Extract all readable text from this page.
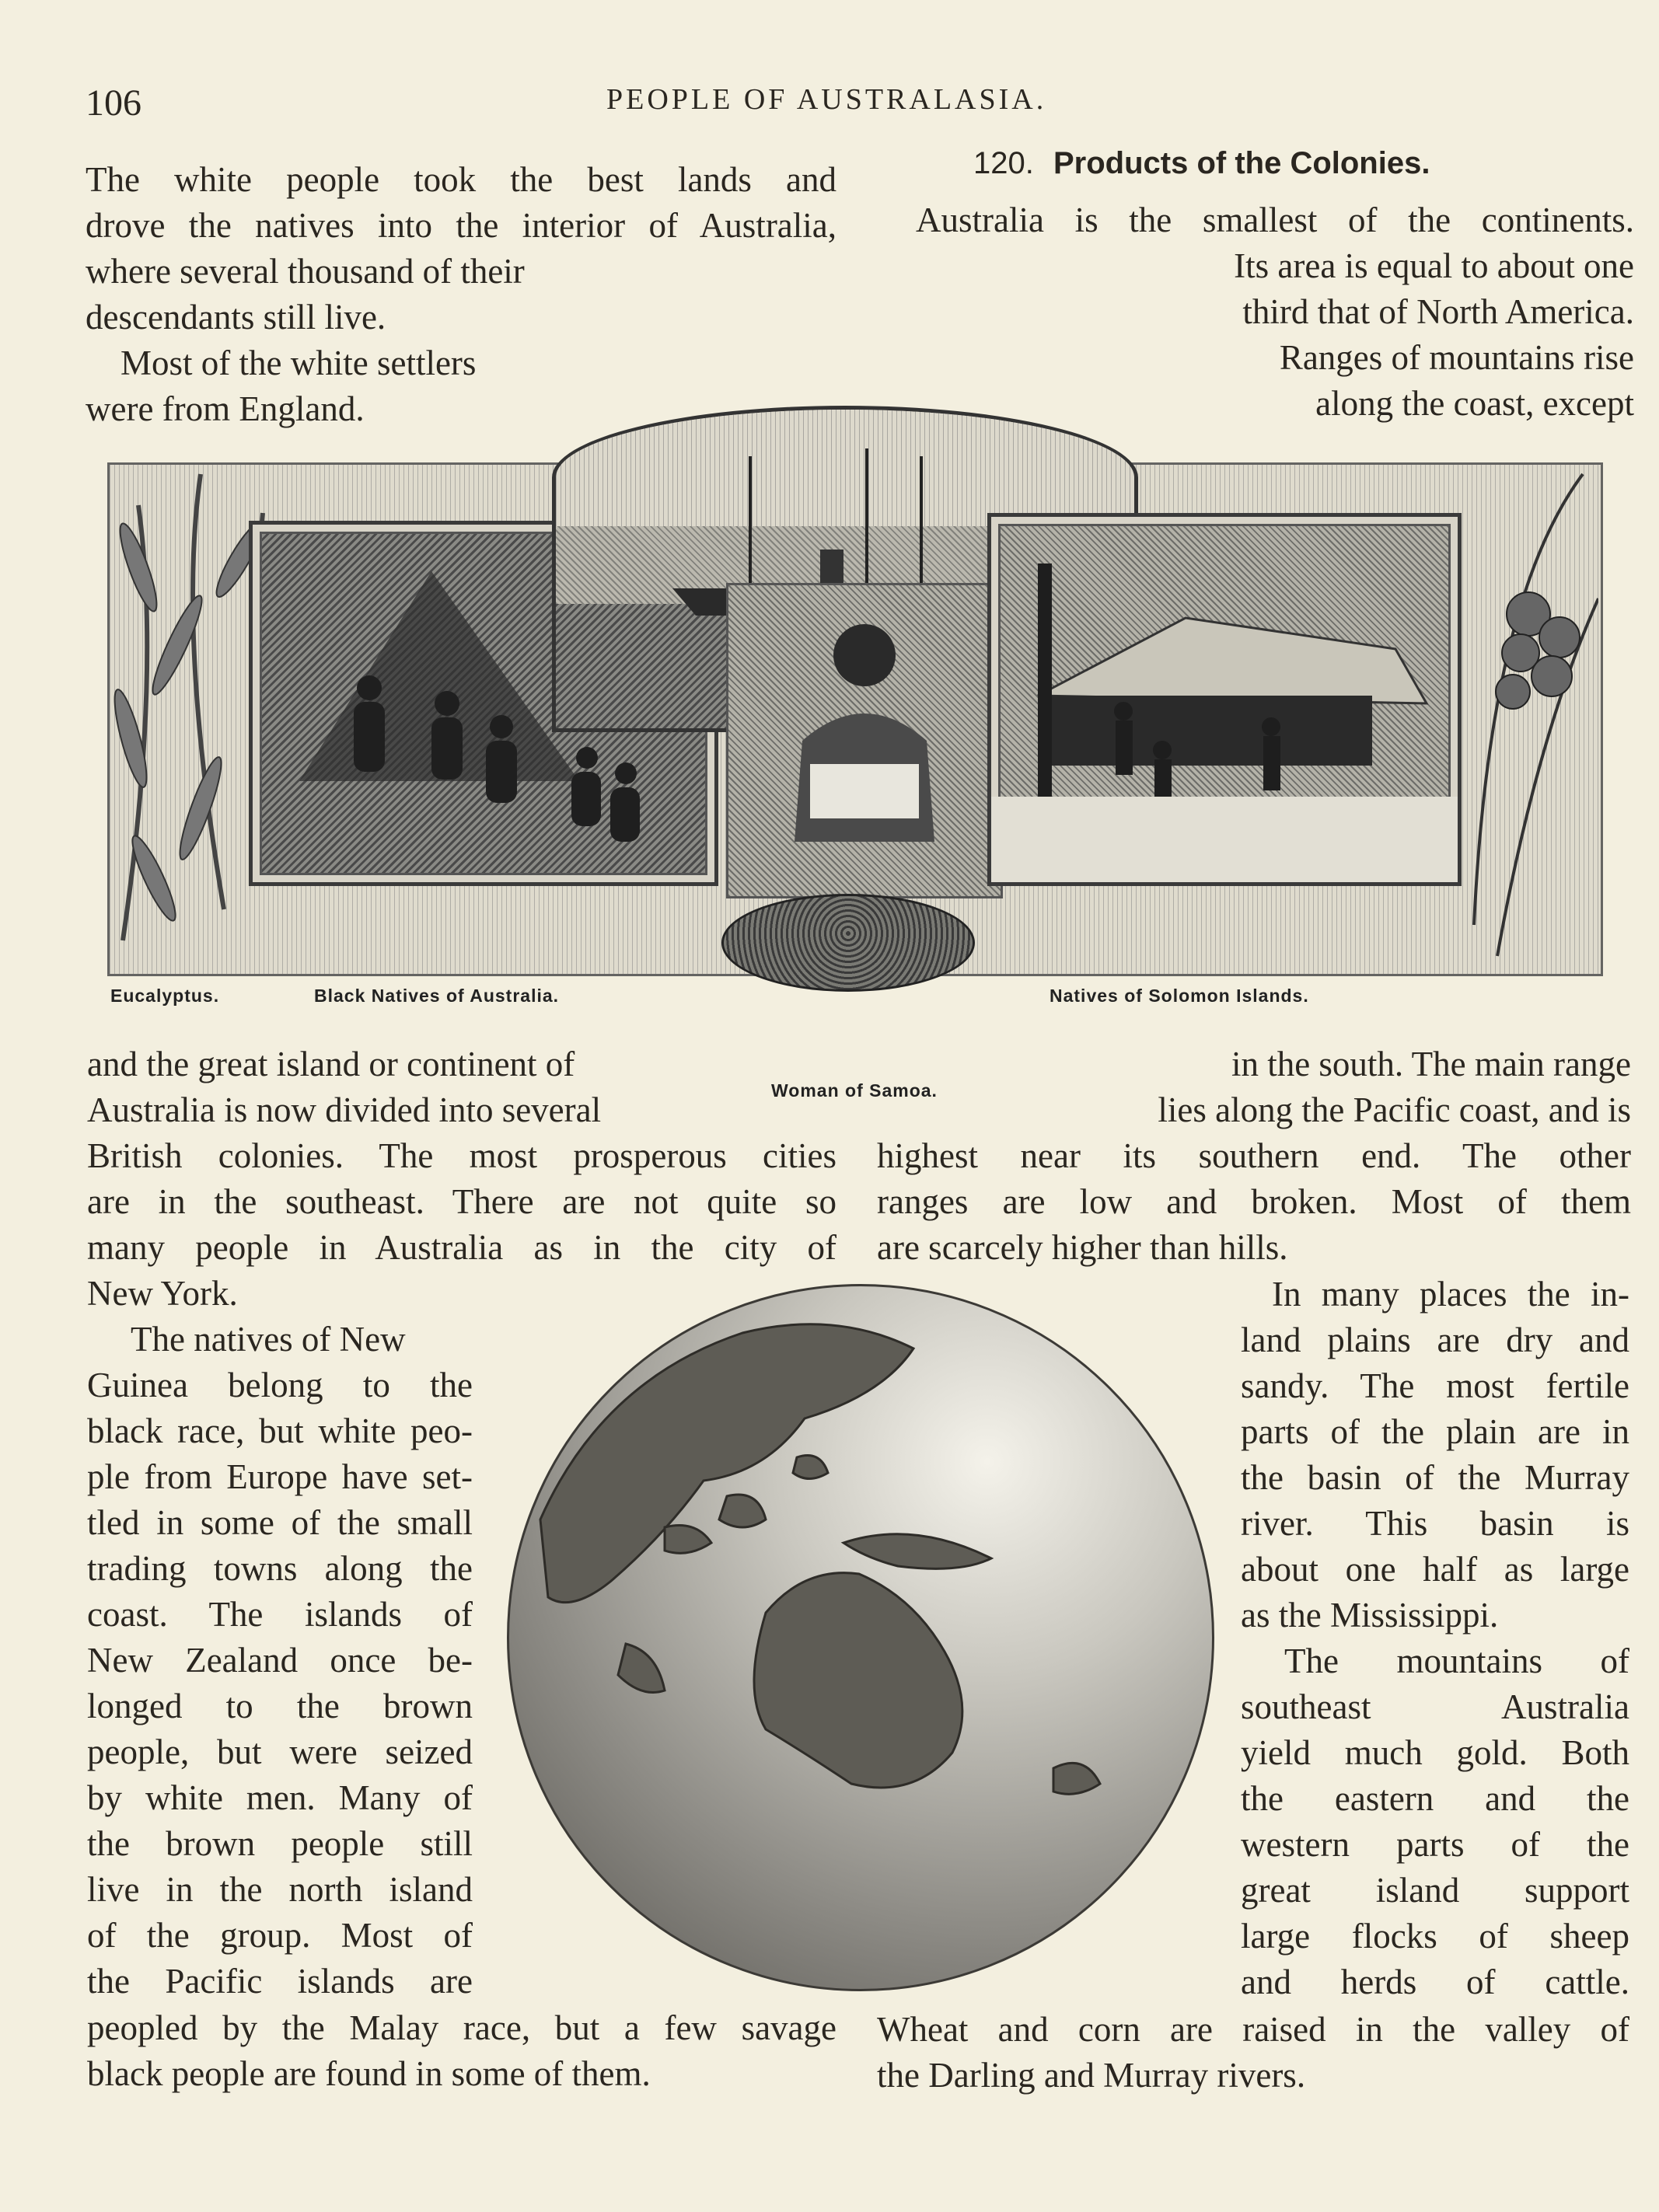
106	PEOPLE OF AUSTRALASIA.
120. Products of the Colonies.
The white people took the best lands and
drove the natives into the interior of Australia,
where several thousand of their
descendants still live.
Most of the white settlers
were from England.
Australia is the smallest of the continents.
Its area is equal to about one
third that of North America.
Ranges of mountains rise
along the coast, except
Eucalyptus.	Black Natives of Australia.	Natives of Solomon Islands.
Woman of Samoa.
and the great island or continent of
Australia is now divided into several
British colonies. The most prosperous cities
are in the southeast. There are not quite so
many people in Australia as in the city of
New York.
in the south. The main range
lies along the Pacific coast, and is
highest near its southern end. The other
ranges are low and broken. Most of them
are scarcely higher than hills.
The natives of New
Guinea belong to the
black race, but white peo-
ple from Europe have set-
tled in some of the small
trading towns along the
coast. The islands of
New Zealand once be-
longed to the brown
people, but were seized
by white men. Many of
the brown people still
live in the north island
of the group. Most of
the Pacific islands are
In many places the in-
land plains are dry and
sandy. The most fertile
parts of the plain are in
the basin of the Murray
river. This basin is
about one half as large
as the Mississippi.
The mountains of
southeast Australia
yield much gold. Both
the eastern and the
western parts of the
great island support
large flocks of sheep
and herds of cattle.
peopled by the Malay race, but a few savage
black people are found in some of them.
Wheat and corn are raised in the valley of
the Darling and Murray rivers.
